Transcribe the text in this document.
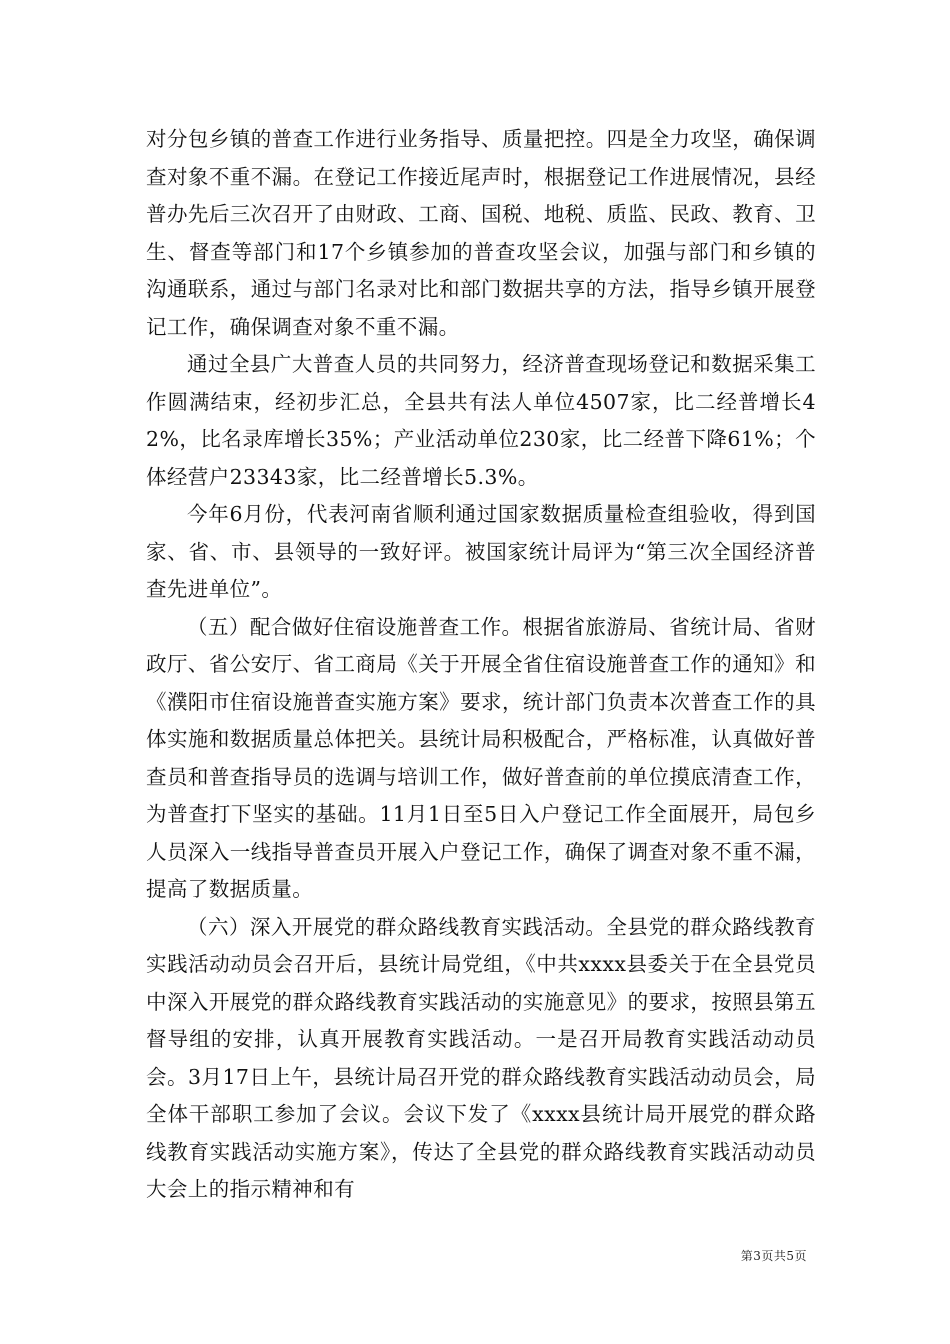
对分包乡镇的普查工作进行业务指导、质量把控。四是全力攻坚，确保调查对象不重不漏。在登记工作接近尾声时，根据登记工作进展情况，县经普办先后三次召开了由财政、工商、国税、地税、质监、民政、教育、卫生、督查等部门和17个乡镇参加的普查攻坚会议，加强与部门和乡镇的沟通联系，通过与部门名录对比和部门数据共享的方法，指导乡镇开展登记工作，确保调查对象不重不漏。

通过全县广大普查人员的共同努力，经济普查现场登记和数据采集工作圆满结束，经初步汇总，全县共有法人单位4507家，比二经普增长42%，比名录库增长35%；产业活动单位230家，比二经普下降61%；个体经营户23343家，比二经普增长5.3%。

今年6月份，代表河南省顺利通过国家数据质量检查组验收，得到国家、省、市、县领导的一致好评。被国家统计局评为“第三次全国经济普查先进单位”。

（五）配合做好住宿设施普查工作。根据省旅游局、省统计局、省财政厅、省公安厅、省工商局《关于开展全省住宿设施普查工作的通知》和《濮阳市住宿设施普查实施方案》要求，统计部门负责本次普查工作的具体实施和数据质量总体把关。县统计局积极配合，严格标准，认真做好普查员和普查指导员的选调与培训工作，做好普查前的单位摸底清查工作，为普查打下坚实的基础。11月1日至5日入户登记工作全面展开，局包乡人员深入一线指导普查员开展入户登记工作，确保了调查对象不重不漏，提高了数据质量。

（六）深入开展党的群众路线教育实践活动。全县党的群众路线教育实践活动动员会召开后，县统计局党组，《中共xxxx县委关于在全县党员中深入开展党的群众路线教育实践活动的实施意见》的要求，按照县第五督导组的安排，认真开展教育实践活动。一是召开局教育实践活动动员会。3月17日上午，县统计局召开党的群众路线教育实践活动动员会，局全体干部职工参加了会议。会议下发了《xxxx县统计局开展党的群众路线教育实践活动实施方案》，传达了全县党的群众路线教育实践活动动员大会上的指示精神和有

第3页共5页
